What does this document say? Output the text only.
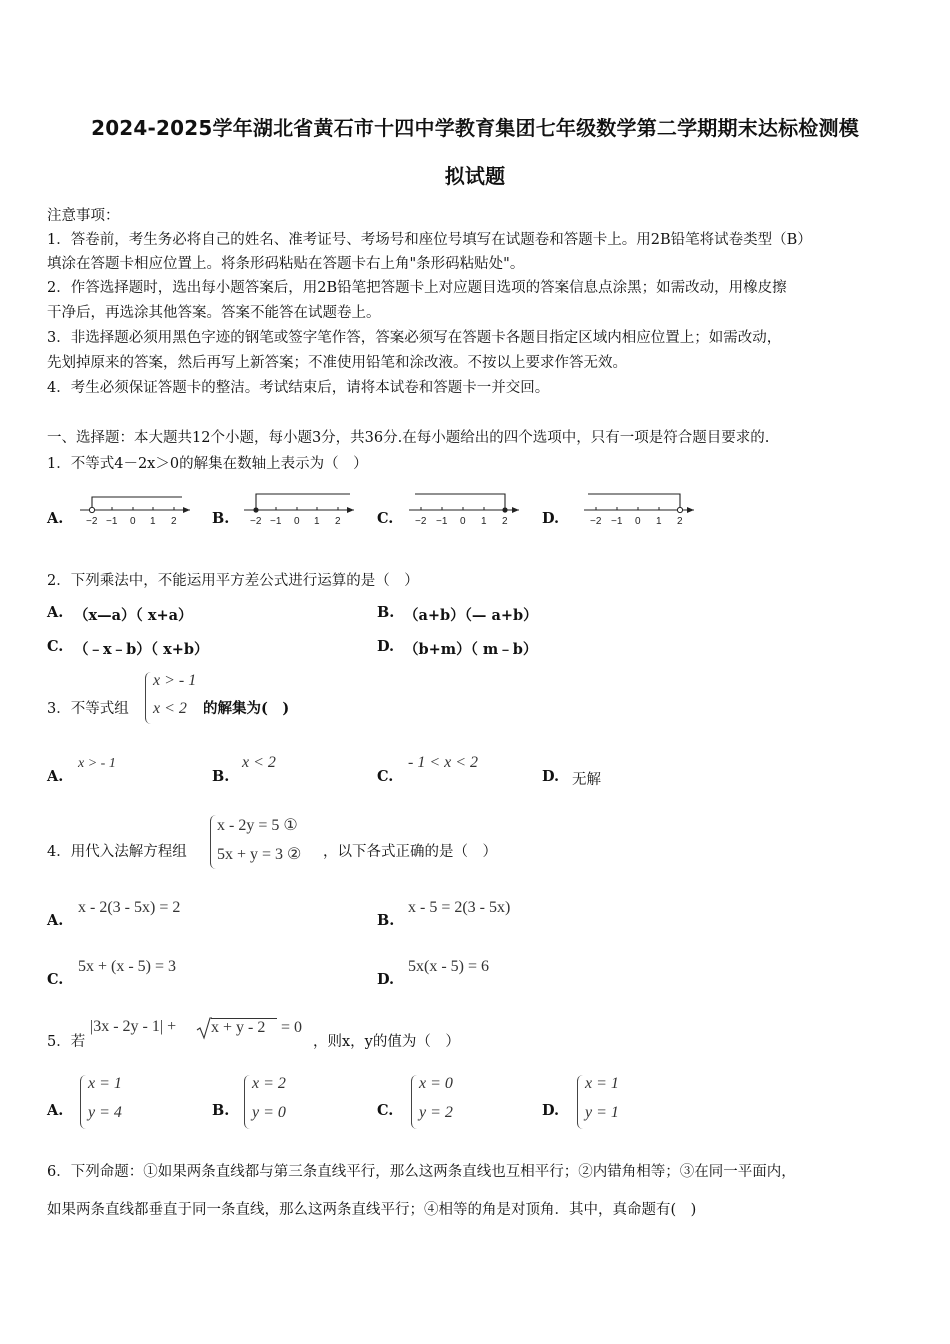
2024-2025学年湖北省黄石市十四中学教育集团七年级数学第二学期期末达标检测模
拟试题
注意事项：
1．答卷前，考生务必将自己的姓名、准考证号、考场号和座位号填写在试题卷和答题卡上。用2B铅笔将试卷类型（B）
填涂在答题卡相应位置上。将条形码粘贴在答题卡右上角"条形码粘贴处"。
2．作答选择题时，选出每小题答案后，用2B铅笔把答题卡上对应题目选项的答案信息点涂黑；如需改动，用橡皮擦
干净后，再选涂其他答案。答案不能答在试题卷上。
3．非选择题必须用黑色字迹的钢笔或签字笔作答，答案必须写在答题卡各题目指定区域内相应位置上；如需改动，
先划掉原来的答案，然后再写上新答案；不准使用铅笔和涂改液。不按以上要求作答无效。
4．考生必须保证答题卡的整洁。考试结束后，请将本试卷和答题卡一并交回。
一、选择题：本大题共12个小题，每小题3分，共36分.在每小题给出的四个选项中，只有一项是符合题目要求的.
1．不等式4－2x＞0的解集在数轴上表示为（　）
A. −2 −1 0 1 2 B. −2 −1 0 1 2	C. −2 −1 0 1 2 D.	−2 −1 0 1 2
2．下列乘法中，不能运用平方差公式进行运算的是（　）
A. （x—a）（ x+a）	B. （a+b）（— a+b）
C. （﹣x﹣b）（ x+b）	D. （b+m）（ m﹣b）
3．不等式组
x > - 1
x < 2 的解集为(　)
A.
x > - 1
B.
x < 2
C.
- 1 < x < 2
D. 无解
4．用代入法解方程组
x - 2y = 5 ①
5x + y = 3 ② ，以下各式正确的是（　）
A.
x - 2(3 - 5x) = 2
B.
x - 5 = 2(3 - 5x)
C.
5x + (x - 5) = 3
D.
5x(x - 5) = 6
5．若
|3x - 2y - 1| + x + y - 2 = 0
，则x，y的值为（　）
A.
x = 1
y = 4	B.
x = 2
y = 0	C.
x = 0
y = 2	D.
x = 1
y = 1
6．下列命题：①如果两条直线都与第三条直线平行，那么这两条直线也互相平行；②内错角相等；③在同一平面内，
如果两条直线都垂直于同一条直线，那么这两条直线平行；④相等的角是对顶角．其中，真命题有(　)
